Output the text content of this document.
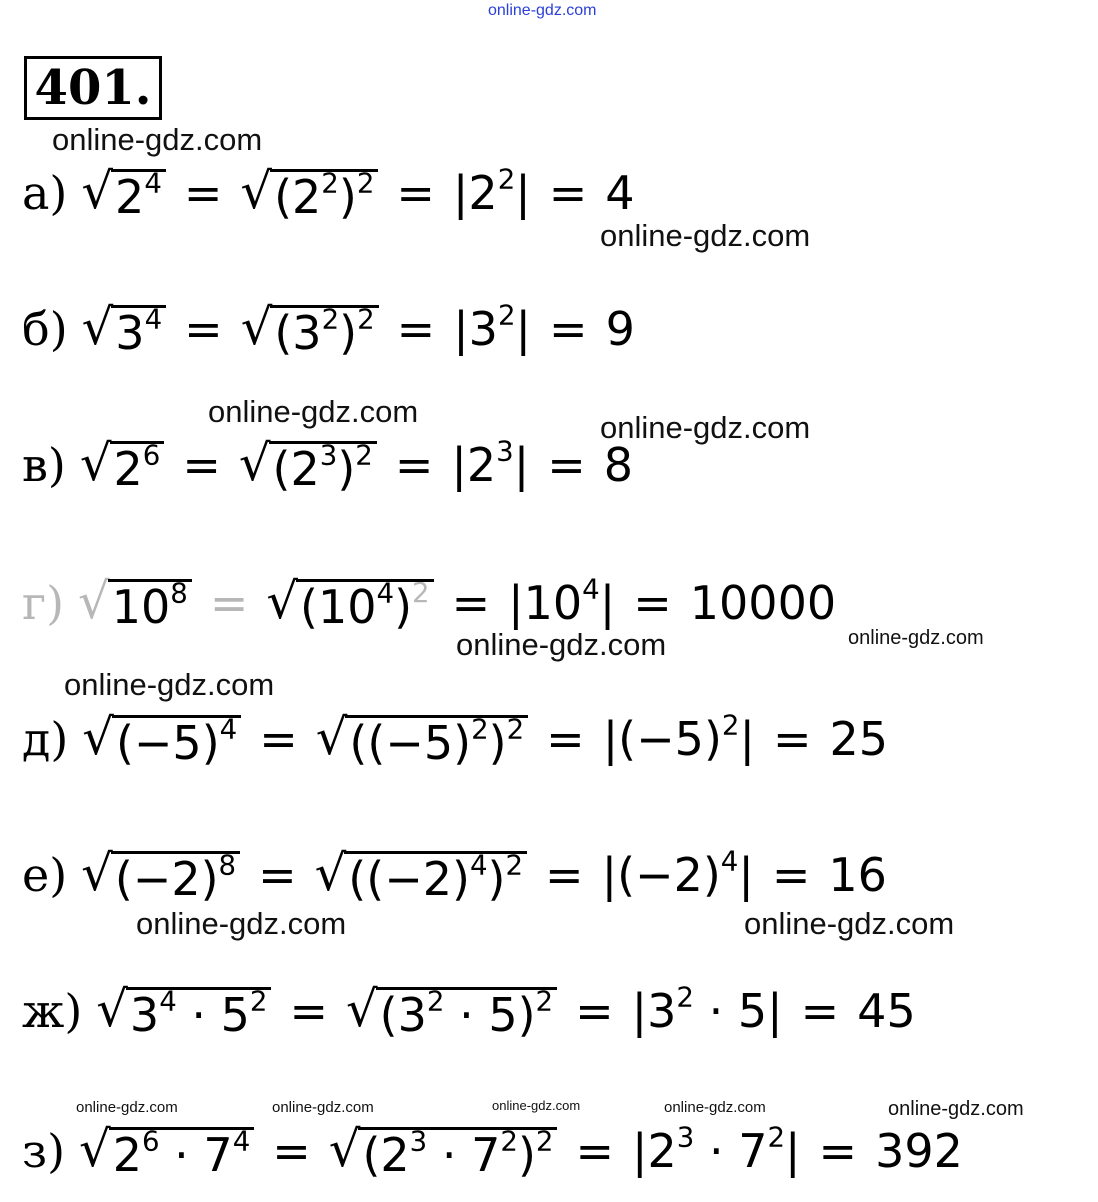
online-gdz.com
401.
online-gdz.com
online-gdz.com
online-gdz.com	online-gdz.com
online-gdz.com	online-gdz.com
online-gdz.com
online-gdz.com	online-gdz.com
online-gdz.com	online-gdz.com	online-gdz.com	online-gdz.com	online-gdz.com
а) √ $2^4$ = √ $(2^2)^2 = |2^2| = 4$
б) √ $3^4$ = √ $(3^2)^2 = |3^2| = 9$
в) √ $2^6$ = √ $(2^3)^2 = |2^3| = 8$
г) √ $10^8$ = √ $(10^4)^2 = |10^4| = 10000$
д) √ $(-5)^4$ = √ $((-5)^2)^2 = |(-5)^2| = 25$
е) √ $(-2)^8$ = √ $((-2)^4)^2 = |(-2)^4| = 16$
ж) √ $3^4 \cdot 5^2$ = √ $(3^2 \cdot 5)^2 = |3^2 \cdot 5| = 45$
з) √ $2^6 \cdot 7^4$ = √ $(2^3 \cdot 7^2)^2 = |2^3 \cdot 7^2| = 392$
